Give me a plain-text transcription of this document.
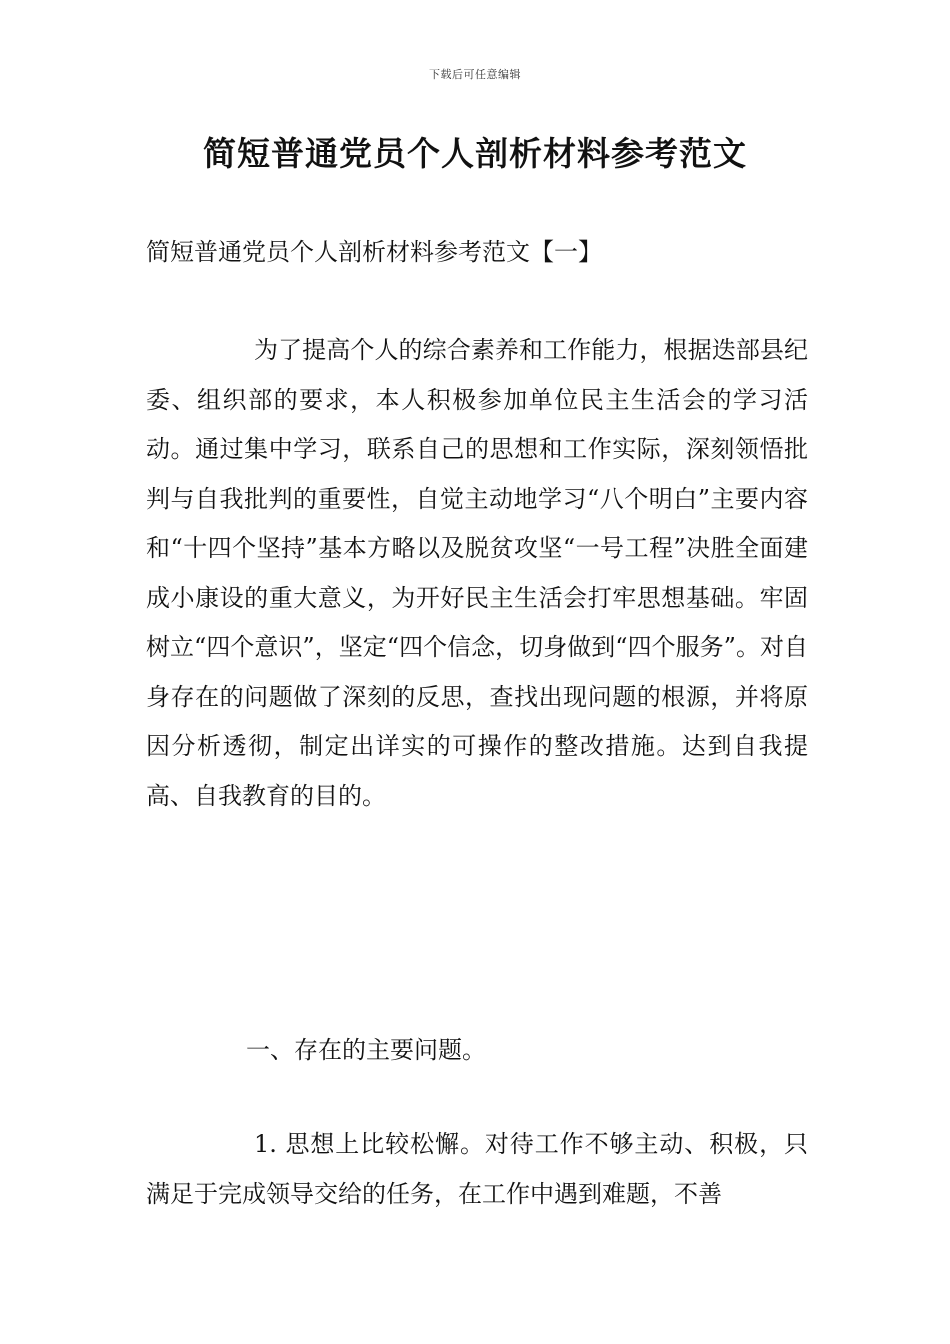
下载后可任意编辑
简短普通党员个人剖析材料参考范文

简短普通党员个人剖析材料参考范文【一】

为了提高个人的综合素养和工作能力，根据迭部县纪委、组织部的要求，本人积极参加单位民主生活会的学习活动。通过集中学习，联系自己的思想和工作实际，深刻领悟批判与自我批判的重要性，自觉主动地学习“八个明白”主要内容和“十四个坚持”基本方略以及脱贫攻坚“一号工程”决胜全面建成小康设的重大意义，为开好民主生活会打牢思想基础。牢固树立“四个意识”，坚定“四个信念，切身做到“四个服务”。对自身存在的问题做了深刻的反思，查找出现问题的根源，并将原因分析透彻，制定出详实的可操作的整改措施。达到自我提高、自我教育的目的。

一、存在的主要问题。

1. 思想上比较松懈。对待工作不够主动、积极，只满足于完成领导交给的任务，在工作中遇到难题，不善
